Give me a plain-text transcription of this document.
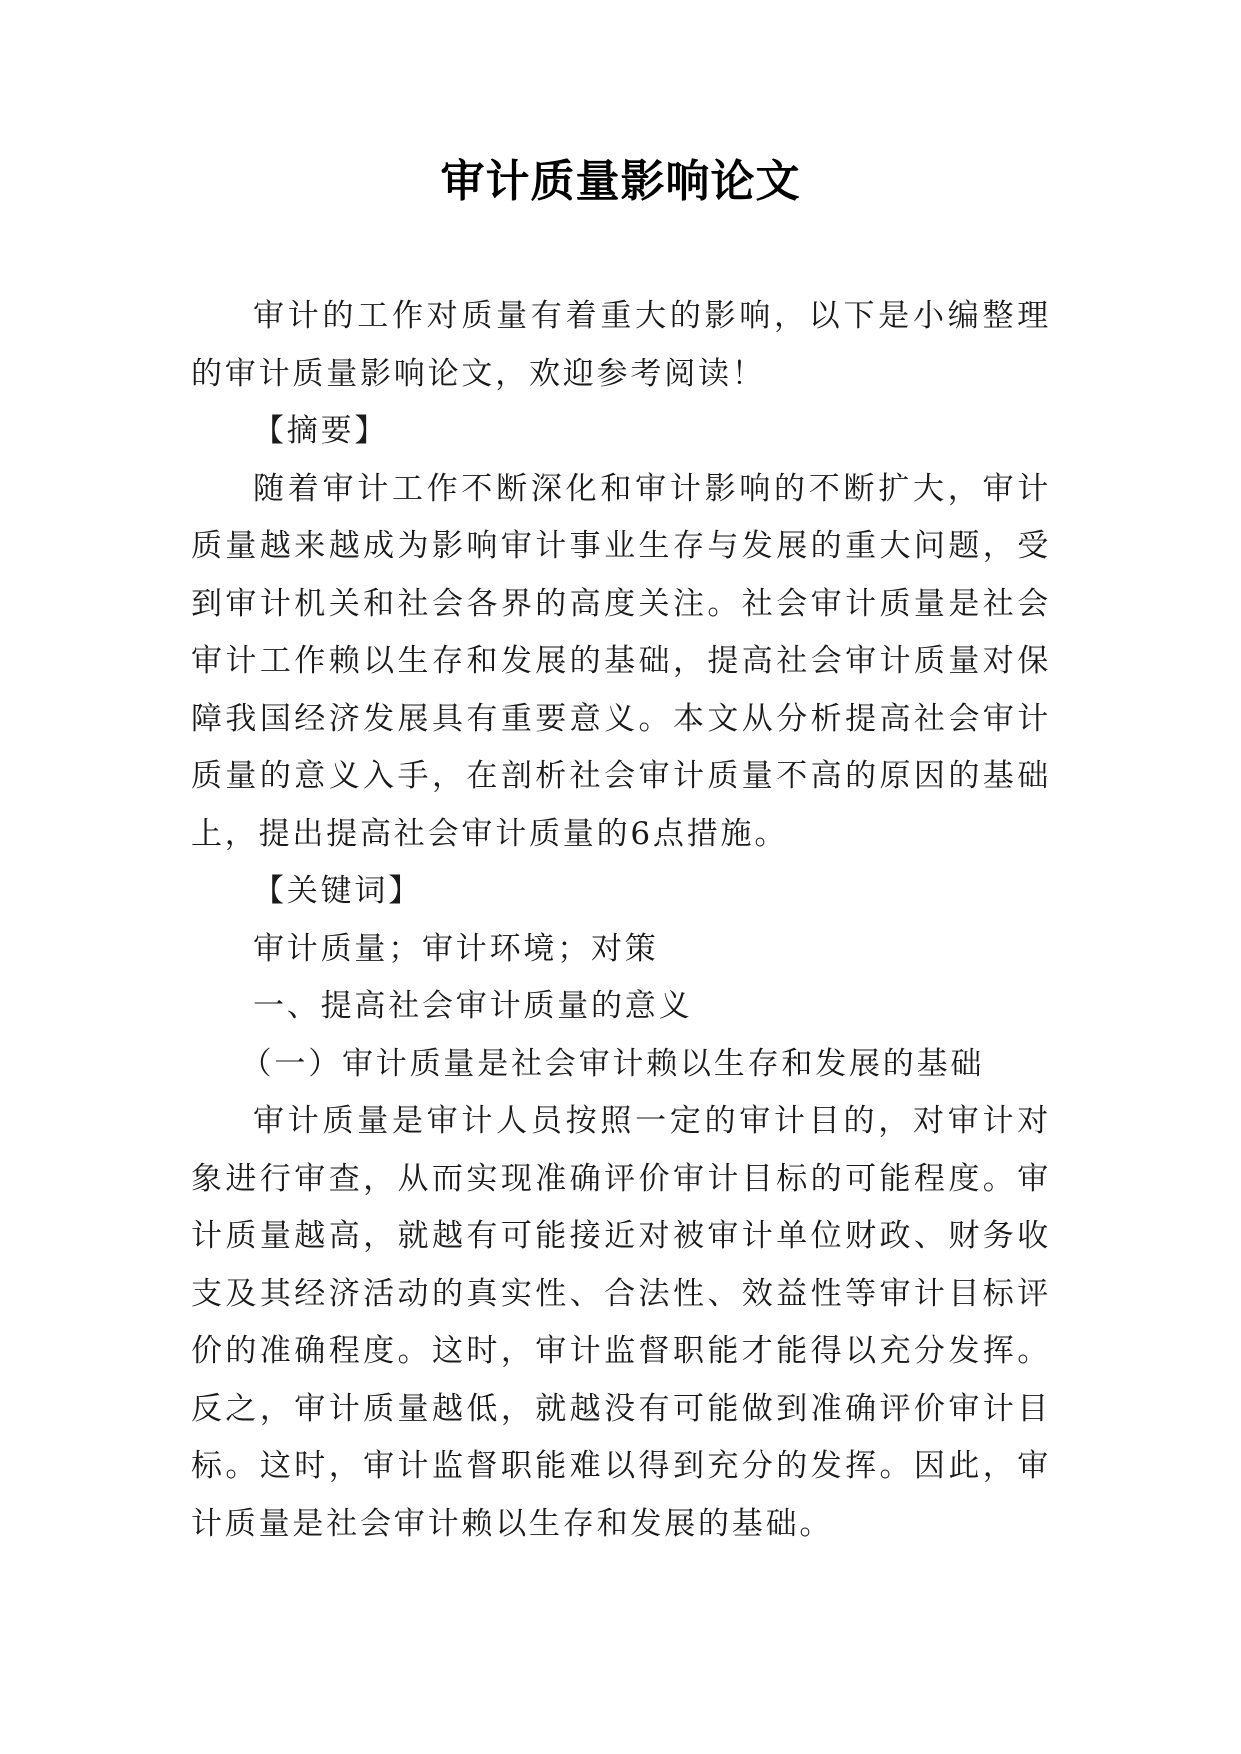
审计质量影响论文

审计的工作对质量有着重大的影响，以下是小编整理的审计质量影响论文，欢迎参考阅读！

【摘要】

随着审计工作不断深化和审计影响的不断扩大，审计质量越来越成为影响审计事业生存与发展的重大问题，受到审计机关和社会各界的高度关注。社会审计质量是社会审计工作赖以生存和发展的基础，提高社会审计质量对保障我国经济发展具有重要意义。本文从分析提高社会审计质量的意义入手，在剖析社会审计质量不高的原因的基础上，提出提高社会审计质量的6点措施。

【关键词】

审计质量；审计环境；对策

一、提高社会审计质量的意义

（一）审计质量是社会审计赖以生存和发展的基础

审计质量是审计人员按照一定的审计目的，对审计对象进行审查，从而实现准确评价审计目标的可能程度。审计质量越高，就越有可能接近对被审计单位财政、财务收支及其经济活动的真实性、合法性、效益性等审计目标评价的准确程度。这时，审计监督职能才能得以充分发挥。反之，审计质量越低，就越没有可能做到准确评价审计目标。这时，审计监督职能难以得到充分的发挥。因此，审计质量是社会审计赖以生存和发展的基础。
